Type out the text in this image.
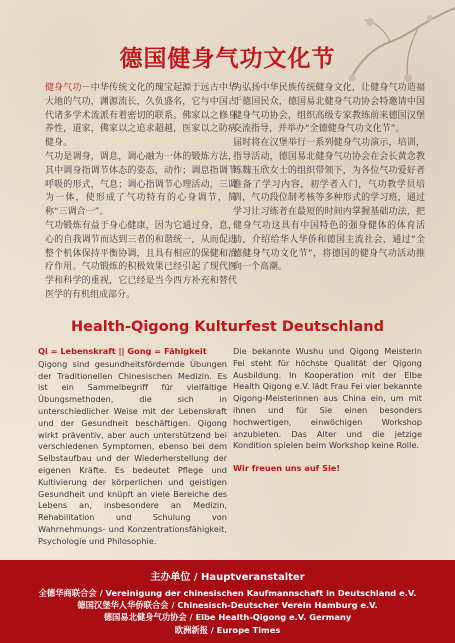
德国健身气功文化节

健身气功－中华传统文化的瑰宝起源于远古中华大地的气功，渊源流长，久负盛名，它与中国古代诸多学术流派有着密切的联系。佛家以之修身养性，道家，佛家以之追求超越，医家以之防病健身。

气功是调身，调息，调心融为一体的锻炼方法，其中调身指调节体态的姿态，动作；调息指调节呼吸的形式，气息；调心指调节心理活动，三调为一体，使形成了气功特有的心身调节，简称“三调合一”。

气功锻炼有益于身心健康，因为它通过身，息，心的自我调节而达到三者的和谐统一，从而促进整个机体保持平衡协调，且具有相应的保健和治疗作用。气功锻炼的积极效果已经引起了现代医学和科学的重视，它已经是当今西方补充和替代医学的有机组成部分。

为弘扬中华民族传统健身文化，让健身气功造福于德国民众，德国易北健身气功协会特邀请中国健身气功协会，组织高级专家教练前来德国汉堡交流指导，并举办“全德健身气功文化节”。

届时将在汉堡举行一系列健身气功演示，培训，指导活动，德国易北健身气功协会在会长黄念教练魏玉欣女士的组织带领下，为各位气功爱好者准备了学习内容，初学者入门，气功教学员培训，气功段位制考核等多种形式的学习班，通过学习让习练者在最短的时间内掌握基础功法，把健身气功这具有中国特色的强身健体的体育活动，介绍给华人华侨和德国主流社会，通过“全德健身气功文化节”，将德国的健身气功活动推向一个高潮。

Health-Qigong Kulturfest Deutschland
Qi = Lebenskraft || Gong = Fähigkeit

Qigong sind gesundheitsfördernde Übungen der Traditionellen Chinesischen Medizin. Es ist ein Sammelbegriff für vielfältige Übungsmethoden, die sich in unterschiedlicher Weise mit der Lebenskraft und der Gesundheit beschäftigen. Qigong wirkt präventiv, aber auch unterstützend bei verschiedenen Symptomen, ebenso bei dem Selbstaufbau und der Wiederherstellung der eigenen Kräfte. Es bedeutet Pflege und Kultivierung der körperlichen und geistigen Gesundheit und knüpft an viele Bereiche des Lebens an, insbesondere an Medizin, Rehabilitation und Schulung von Wahrnehmungs- und Konzentrationsfähigkeit, Psychologie und Philosophie.

Die bekannte Wushu und Qigong Meisterin Fei steht für höchste Qualität der Qigong Ausbildung. In Kooperation mit der Elbe Health Qigong e.V. lädt Frau Fei vier bekannte Qigong-Meisterinnen aus China ein, um mit ihnen und für Sie einen besonders hochwertigen, einwöchigen Workshop anzubieten. Das Alter und die jetzige Kondition spielen beim Workshop keine Rolle.

Wir freuen uns auf Sie!
主办单位 / Hauptveranstalter
全德华商联合会 / Vereinigung der chinesischen Kaufmannschaft in Deutschland e.V.
德国汉堡华人华侨联合会 / Chinesisch-Deutscher Verein Hamburg e.V.
德国易北健身气功协会 / Elbe Health-Qigong e.V. Germany
欧洲新报 / Europe Times
